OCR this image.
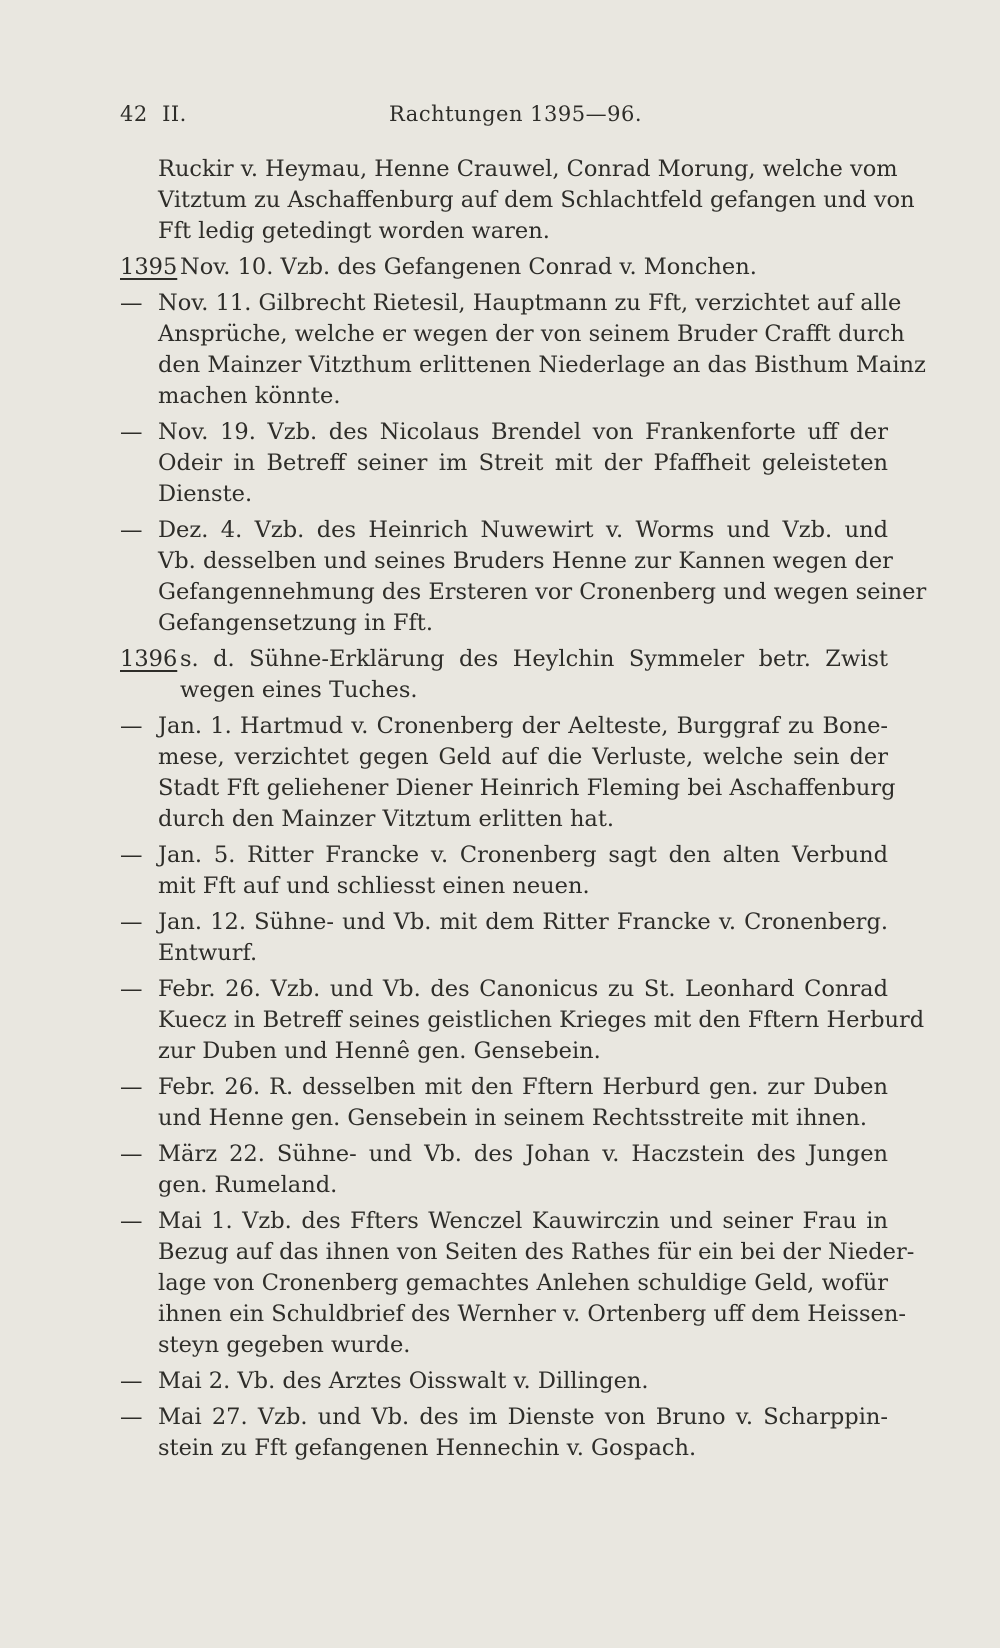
42 II.	Rachtungen 1395—96.
Ruckir v. Heymau, Henne Crauwel, Conrad Morung, welche vom
Vitztum zu Aschaffenburg auf dem Schlachtfeld gefangen und von
Fft ledig getedingt worden waren.
1395 Nov. 10. Vzb. des Gefangenen Conrad v. Monchen.
— Nov. 11. Gilbrecht Rietesil, Hauptmann zu Fft, verzichtet auf alle
Ansprüche, welche er wegen der von seinem Bruder Crafft durch
den Mainzer Vitzthum erlittenen Niederlage an das Bisthum Mainz
machen könnte.
— Nov. 19. Vzb. des Nicolaus Brendel von Frankenforte uff der
Odeir in Betreff seiner im Streit mit der Pfaffheit geleisteten
Dienste.
— Dez. 4. Vzb. des Heinrich Nuwewirt v. Worms und Vzb. und
Vb. desselben und seines Bruders Henne zur Kannen wegen der
Gefangennehmung des Ersteren vor Cronenberg und wegen seiner
Gefangensetzung in Fft.
1396 s. d. Sühne-Erklärung des Heylchin Symmeler betr. Zwist
wegen eines Tuches.
— Jan. 1. Hartmud v. Cronenberg der Aelteste, Burggraf zu Bone-
mese, verzichtet gegen Geld auf die Verluste, welche sein der
Stadt Fft geliehener Diener Heinrich Fleming bei Aschaffenburg
durch den Mainzer Vitztum erlitten hat.
— Jan. 5. Ritter Francke v. Cronenberg sagt den alten Verbund
mit Fft auf und schliesst einen neuen.
— Jan. 12. Sühne- und Vb. mit dem Ritter Francke v. Cronenberg.
Entwurf.
— Febr. 26. Vzb. und Vb. des Canonicus zu St. Leonhard Conrad
Kuecz in Betreff seines geistlichen Krieges mit den Fftern Herburd
zur Duben und Hennê gen. Gensebein.
— Febr. 26. R. desselben mit den Fftern Herburd gen. zur Duben
und Henne gen. Gensebein in seinem Rechtsstreite mit ihnen.
— März 22. Sühne- und Vb. des Johan v. Haczstein des Jungen
gen. Rumeland.
— Mai 1. Vzb. des Ffters Wenczel Kauwirczin und seiner Frau in
Bezug auf das ihnen von Seiten des Rathes für ein bei der Nieder-
lage von Cronenberg gemachtes Anlehen schuldige Geld, wofür
ihnen ein Schuldbrief des Wernher v. Ortenberg uff dem Heissen-
steyn gegeben wurde.
— Mai 2. Vb. des Arztes Oisswalt v. Dillingen.
— Mai 27. Vzb. und Vb. des im Dienste von Bruno v. Scharppin-
stein zu Fft gefangenen Hennechin v. Gospach.
